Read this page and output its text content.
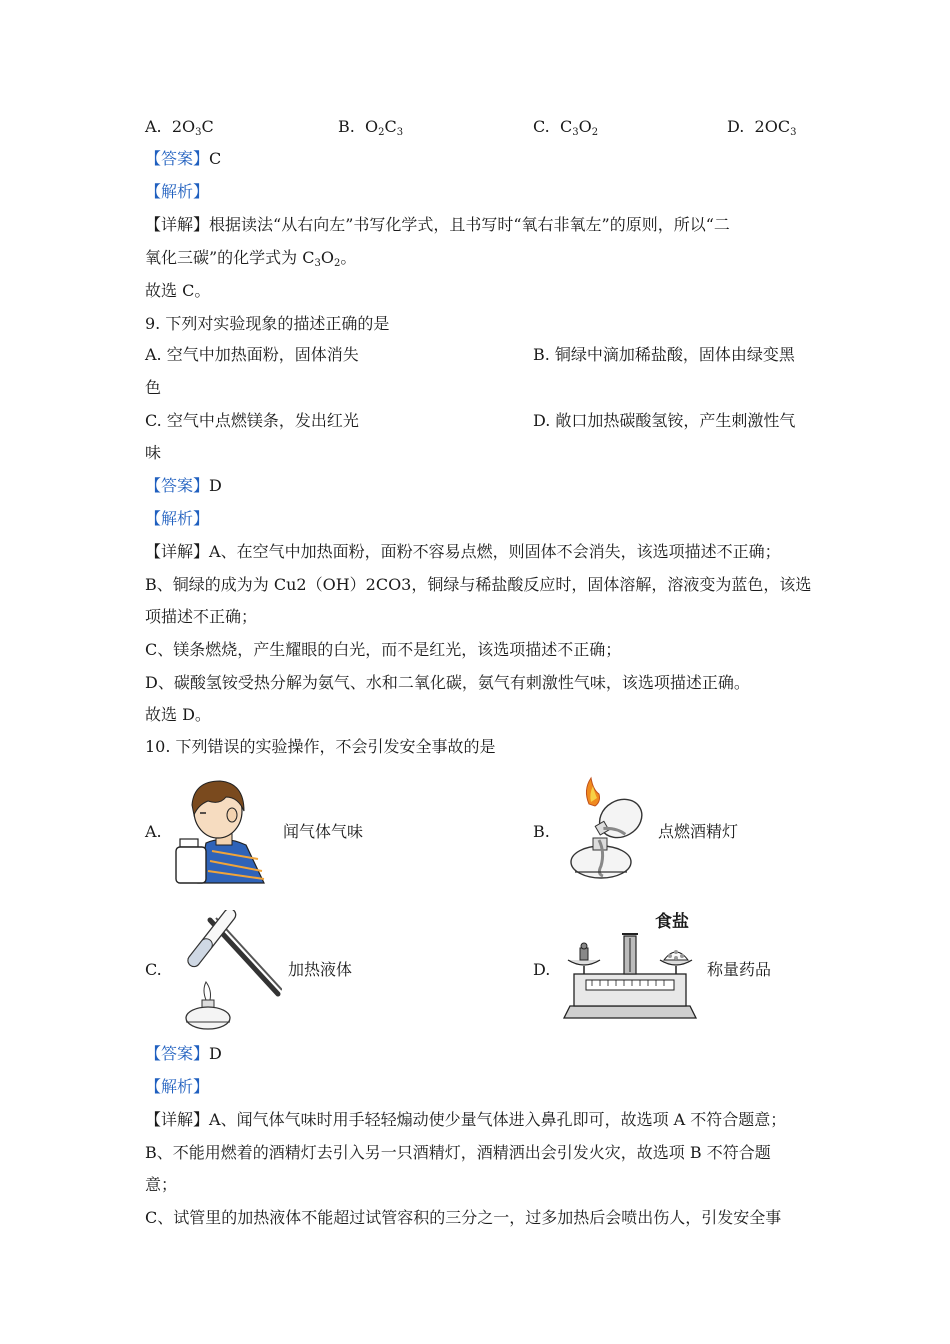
A. $2O_3C$	B. $O_2C_3$	C. $C_3O_2$	D. $2OC_3$
【答案】C
【解析】
【详解】根据读法“从右向左”书写化学式，且书写时“氧右非氧左”的原则，所以“二
氧化三碳”的化学式为 $C_3O_2$。
故选 C。
9. 下列对实验现象的描述正确的是
A. 空气中加热面粉，固体消失	B. 铜绿中滴加稀盐酸，固体由绿变黑
色
C. 空气中点燃镁条，发出红光	D. 敞口加热碳酸氢铵，产生刺激性气
味
【答案】D
【解析】
【详解】A、在空气中加热面粉，面粉不容易点燃，则固体不会消失，该选项描述不正确；
B、铜绿的成为为 Cu2（OH）2CO3，铜绿与稀盐酸反应时，固体溶解，溶液变为蓝色，该选
项描述不正确；
C、镁条燃烧，产生耀眼的白光，而不是红光，该选项描述不正确；
D、碳酸氢铵受热分解为氨气、水和二氧化碳，氨气有刺激性气味，该选项描述正确。
故选 D。
10. 下列错误的实验操作，不会引发安全事故的是
A.	闻气体气味	B.	点燃酒精灯
C.	加热液体	D.
食盐
称量药品
【答案】D
【解析】
【详解】A、闻气体气味时用手轻轻煽动使少量气体进入鼻孔即可，故选项 A 不符合题意；
B、不能用燃着的酒精灯去引入另一只酒精灯，酒精洒出会引发火灾，故选项 B 不符合题
意；
C、试管里的加热液体不能超过试管容积的三分之一，过多加热后会喷出伤人，引发安全事
